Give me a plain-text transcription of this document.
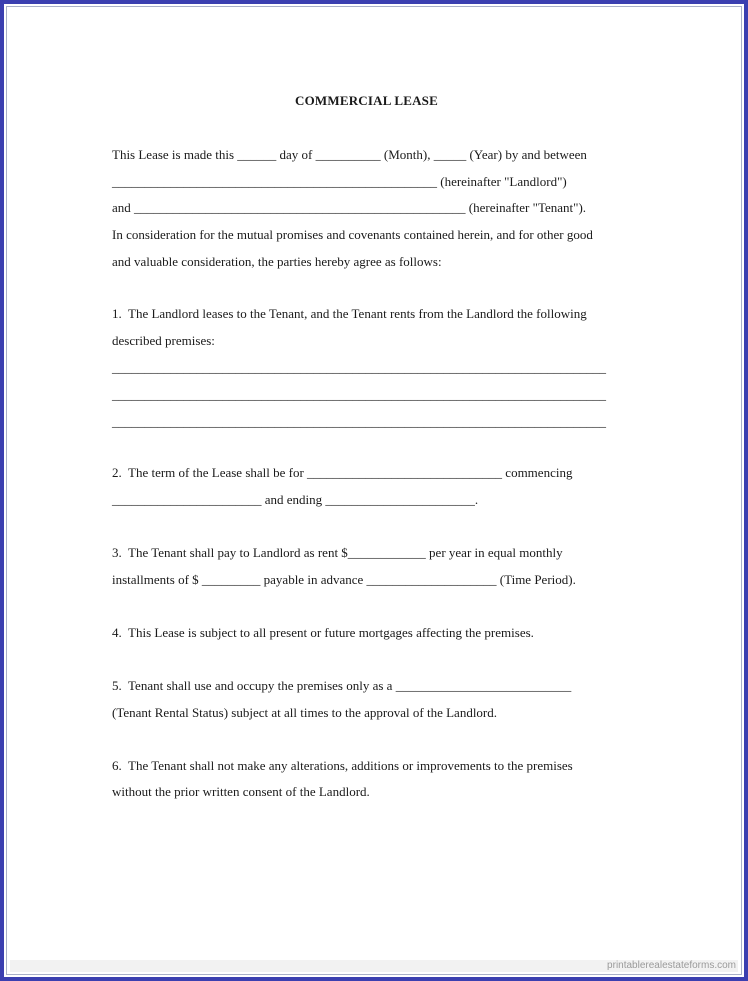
COMMERCIAL LEASE

This Lease is made this ______ day of __________ (Month), _____ (Year) by and between

__________________________________________________ (hereinafter "Landlord")

and ___________________________________________________ (hereinafter "Tenant").

In consideration for the mutual promises and covenants contained herein, and for other good

and valuable consideration, the parties hereby agree as follows:

1.  The Landlord leases to the Tenant, and the Tenant rents from the Landlord the following

described premises:

____________________________________________________________________________

____________________________________________________________________________

____________________________________________________________________________

2.  The term of the Lease shall be for ______________________________ commencing

_______________________ and ending _______________________.

3.  The Tenant shall pay to Landlord as rent $____________ per year in equal monthly

installments of $ _________ payable in advance ____________________ (Time Period).

4.  This Lease is subject to all present or future mortgages affecting the premises.

5.  Tenant shall use and occupy the premises only as a ___________________________

(Tenant Rental Status) subject at all times to the approval of the Landlord.

6.  The Tenant shall not make any alterations, additions or improvements to the premises

without the prior written consent of the Landlord.

printablerealestateforms.com
